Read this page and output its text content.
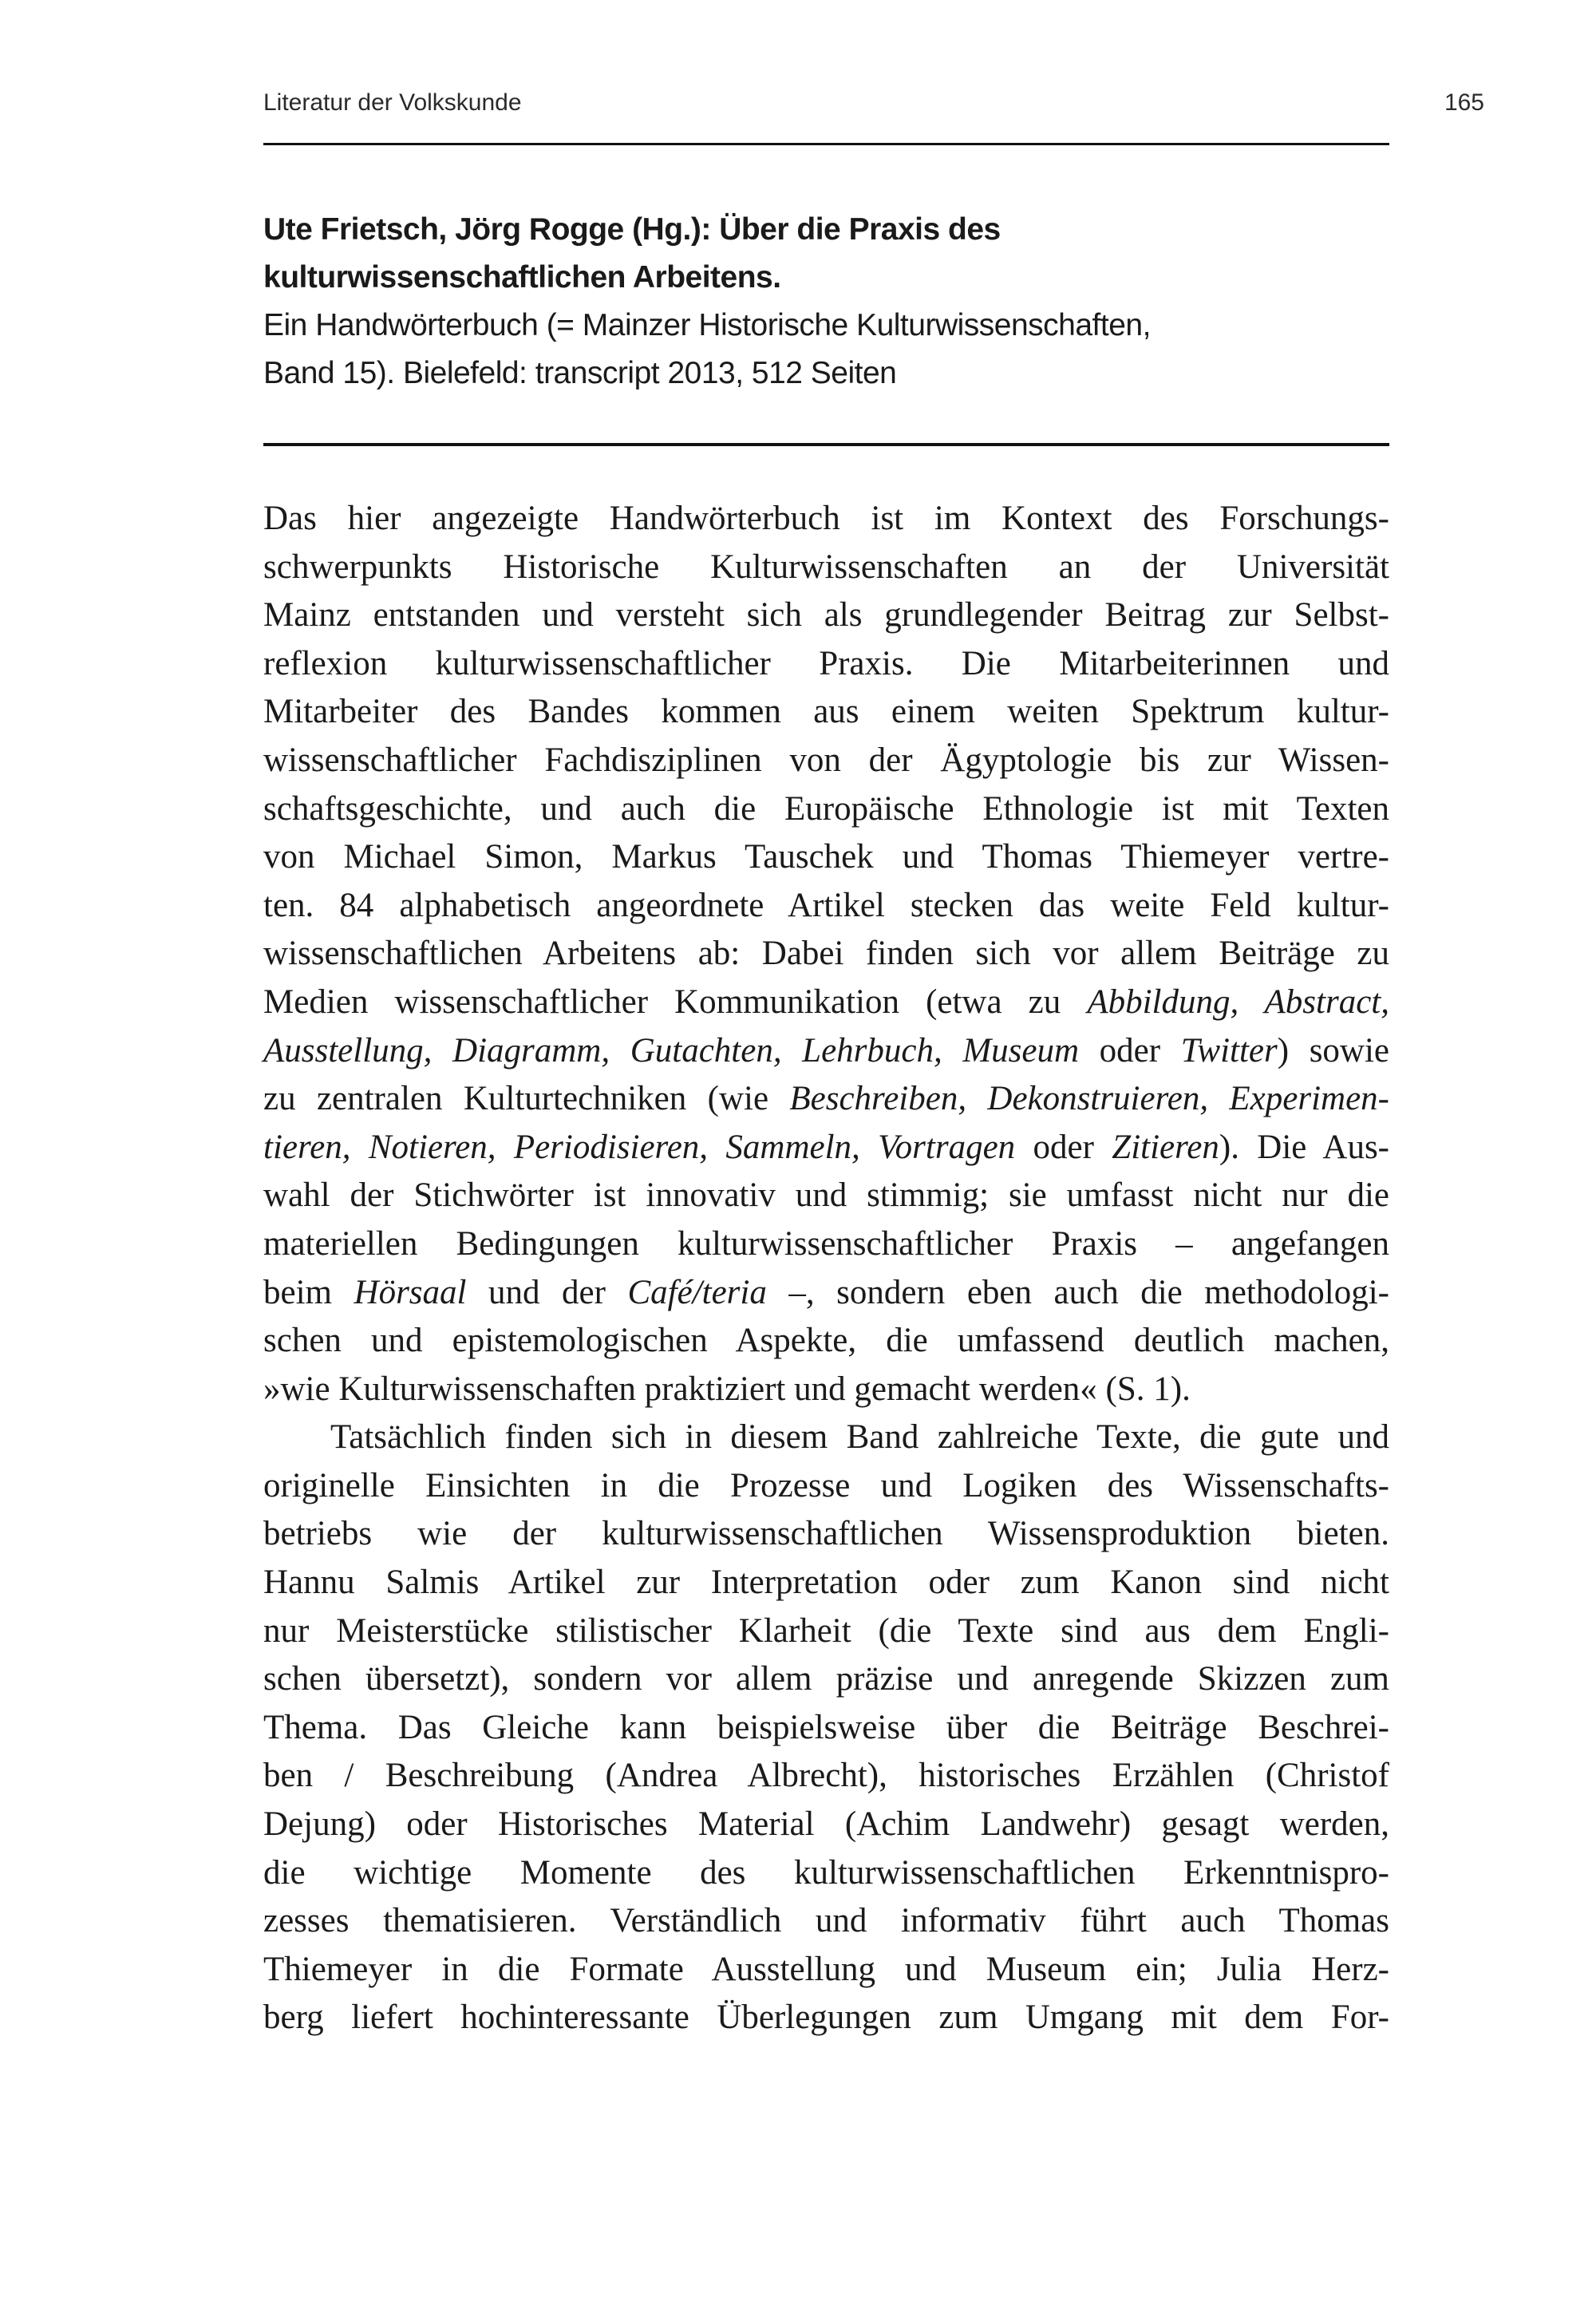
Literatur der Volkskunde	165
Ute Frietsch, Jörg Rogge (Hg.): Über die Praxis des
kulturwissenschaftlichen Arbeitens.
Ein Handwörterbuch (= Mainzer Historische Kulturwissenschaften,
Band 15). Bielefeld: transcript 2013, 512 Seiten
Das hier angezeigte Handwörterbuch ist im Kontext des Forschungs-
schwerpunkts Historische Kulturwissenschaften an der Universität
Mainz entstanden und versteht sich als grundlegender Beitrag zur Selbst-
reflexion kulturwissenschaftlicher Praxis. Die Mitarbeiterinnen und
Mitarbeiter des Bandes kommen aus einem weiten Spektrum kultur-
wissenschaftlicher Fachdisziplinen von der Ägyptologie bis zur Wissen-
schaftsgeschichte, und auch die Europäische Ethnologie ist mit Texten
von Michael Simon, Markus Tauschek und Thomas Thiemeyer vertre-
ten. 84 alphabetisch angeordnete Artikel stecken das weite Feld kultur-
wissenschaftlichen Arbeitens ab: Dabei finden sich vor allem Beiträge zu
Medien wissenschaftlicher Kommunikation (etwa zu Abbildung, Abstract,
Ausstellung, Diagramm, Gutachten, Lehrbuch, Museum oder Twitter) sowie
zu zentralen Kulturtechniken (wie Beschreiben, Dekonstruieren, Experimen-
tieren, Notieren, Periodisieren, Sammeln, Vortragen oder Zitieren). Die Aus-
wahl der Stichwörter ist innovativ und stimmig; sie umfasst nicht nur die
materiellen Bedingungen kulturwissenschaftlicher Praxis – angefangen
beim Hörsaal und der Café/teria –, sondern eben auch die methodologi-
schen und epistemologischen Aspekte, die umfassend deutlich machen,
»wie Kulturwissenschaften praktiziert und gemacht werden« (S. 1).
Tatsächlich finden sich in diesem Band zahlreiche Texte, die gute und
originelle Einsichten in die Prozesse und Logiken des Wissenschafts-
betriebs wie der kulturwissenschaftlichen Wissensproduktion bieten.
Hannu Salmis Artikel zur Interpretation oder zum Kanon sind nicht
nur Meisterstücke stilistischer Klarheit (die Texte sind aus dem Engli-
schen übersetzt), sondern vor allem präzise und anregende Skizzen zum
Thema. Das Gleiche kann beispielsweise über die Beiträge Beschrei-
ben / Beschreibung (Andrea Albrecht), historisches Erzählen (Christof
Dejung) oder Historisches Material (Achim Landwehr) gesagt werden,
die wichtige Momente des kulturwissenschaftlichen Erkenntnispro-
zesses thematisieren. Verständlich und informativ führt auch Thomas
Thiemeyer in die Formate Ausstellung und Museum ein; Julia Herz-
berg liefert hochinteressante Überlegungen zum Umgang mit dem For-
